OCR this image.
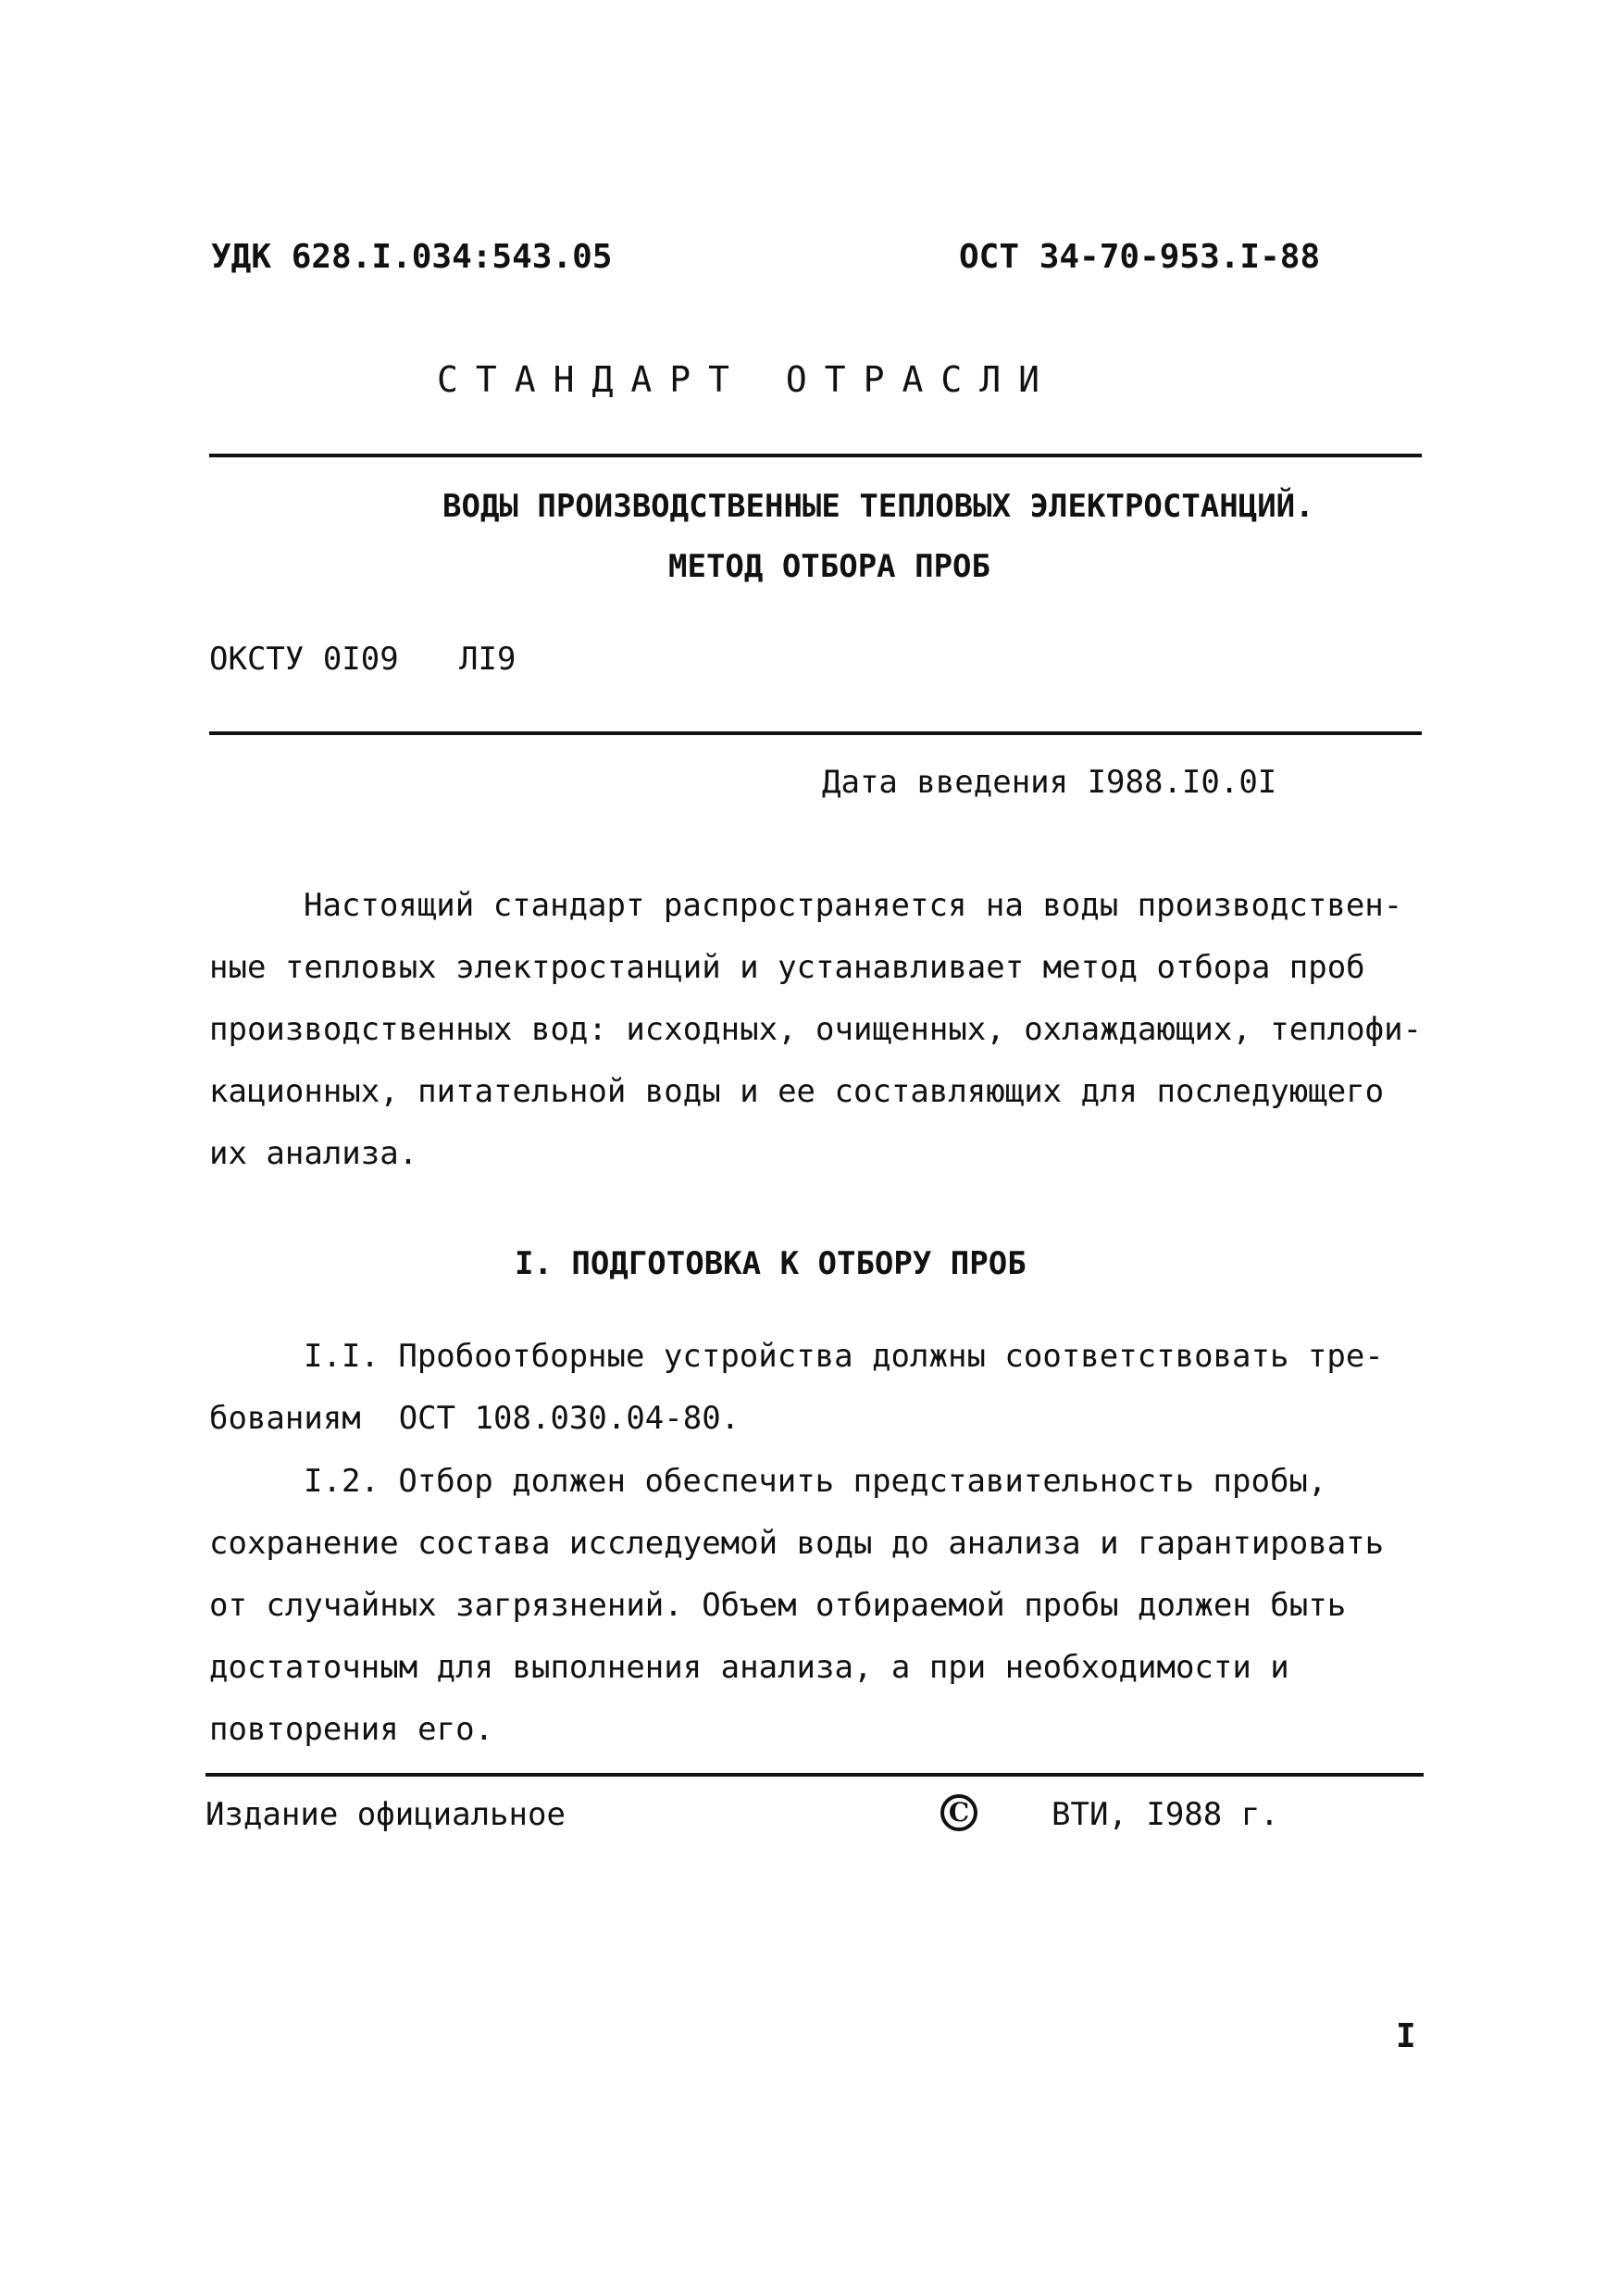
УДК 628.I.034:543.05	ОСТ 34-70-953.I-88
СТАНДАРТ ОТРАСЛИ
ВОДЫ ПРОИЗВОДСТВЕННЫЕ ТЕПЛОВЫХ ЭЛЕКТРОСТАНЦИЙ.
МЕТОД ОТБОРА ПРОБ
ОКСТУ 0I09 ЛI9
Дата введения I988.I0.0I
Настоящий стандарт распространяется на воды производствен-
ные тепловых электростанций и устанавливает метод отбора проб
производственных вод: исходных, очищенных, охлаждающих, теплофи-
кационных, питательной воды и ее составляющих для последующего
их анализа.
I. ПОДГОТОВКА К ОТБОРУ ПРОБ
I.I. Пробоотборные устройства должны соответствовать тре-
бованиям  ОСТ 108.030.04-80.
I.2. Отбор должен обеспечить представительность пробы,
сохранение состава исследуемой воды до анализа и гарантировать
от случайных загрязнений. Объем отбираемой пробы должен быть
достаточным для выполнения анализа, а при необходимости и
повторения его.
Издание официальное	C	ВТИ, I988 г.
I
